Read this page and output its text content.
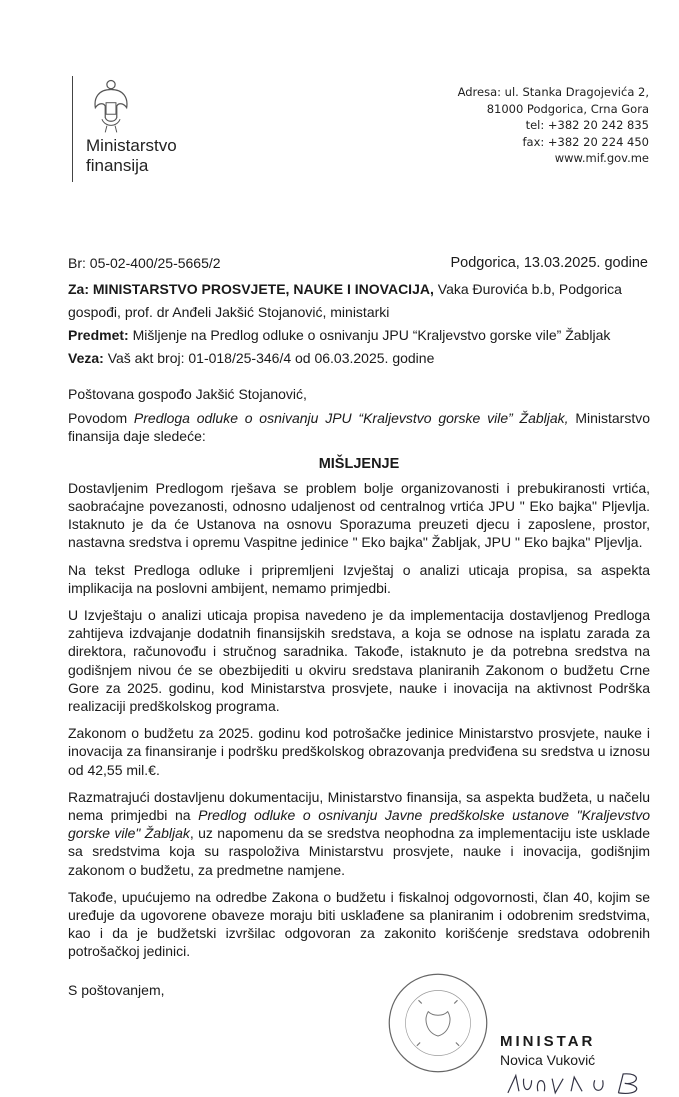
Ministarstvo
finansija
Adresa: ul. Stanka Dragojevića 2,
81000 Podgorica, Crna Gora
tel: +382 20 242 835
fax: +382 20 224 450
www.mif.gov.me
Br: 05-02-400/25-5665/2	Podgorica, 13.03.2025. godine
Za: MINISTARSTVO PROSVJETE, NAUKE I INOVACIJA, Vaka Đurovića b.b, Podgorica
gospođi, prof. dr Anđeli Jakšić Stojanović, ministarki
Predmet: Mišljenje na Predlog odluke o osnivanju JPU “Kraljevstvo gorske vile” Žabljak
Veza: Vaš akt broj: 01-018/25-346/4 od 06.03.2025. godine
Poštovana gospođo Jakšić Stojanović,
Povodom Predloga odluke o osnivanju JPU “Kraljevstvo gorske vile” Žabljak, Ministarstvo finansija daje sledeće:
MIŠLJENJE
Dostavljenim Predlogom rješava se problem bolje organizovanosti i prebukiranosti vrtića, saobraćajne povezanosti, odnosno udaljenost od centralnog vrtića JPU " Eko bajka" Pljevlja. Istaknuto je da će Ustanova na osnovu Sporazuma preuzeti djecu i zaposlene, prostor, nastavna sredstva i opremu Vaspitne jedinice " Eko bajka" Žabljak, JPU " Eko bajka" Pljevlja.
Na tekst Predloga odluke i pripremljeni Izvještaj o analizi uticaja propisa, sa aspekta implikacija na poslovni ambijent, nemamo primjedbi.
U Izvještaju o analizi uticaja propisa navedeno je da implementacija dostavljenog Predloga zahtijeva izdvajanje dodatnih finansijskih sredstava, a koja se odnose na isplatu zarada za direktora, računovođu i stručnog saradnika. Takođe, istaknuto je da potrebna sredstva na godišnjem nivou će se obezbijediti u okviru sredstava planiranih Zakonom o budžetu Crne Gore za 2025. godinu, kod Ministarstva prosvjete, nauke i inovacija na aktivnost Podrška realizaciji predškolskog programa.
Zakonom o budžetu za 2025. godinu kod potrošačke jedinice Ministarstvo prosvjete, nauke i inovacija za finansiranje i podršku predškolskog obrazovanja predviđena su sredstva u iznosu od 42,55 mil.€.
Razmatrajući dostavljenu dokumentaciju, Ministarstvo finansija, sa aspekta budžeta, u načelu nema primjedbi na Predlog odluke o osnivanju Javne predškolske ustanove "Kraljevstvo gorske vile" Žabljak, uz napomenu da se sredstva neophodna za implementaciju iste usklade sa sredstvima koja su raspoloživa Ministarstvu prosvjete, nauke i inovacija, godišnjim zakonom o budžetu, za predmetne namjene.
Takođe, upućujemo na odredbe Zakona o budžetu i fiskalnoj odgovornosti, član 40, kojim se uređuje da ugovorene obaveze moraju biti usklađene sa planiranim i odobrenim sredstvima, kao i da je budžetski izvršilac odgovoran za zakonito korišćenje sredstava odobrenih potrošačkoj jedinici.
S poštovanjem,
MINISTAR
Novica Vuković
